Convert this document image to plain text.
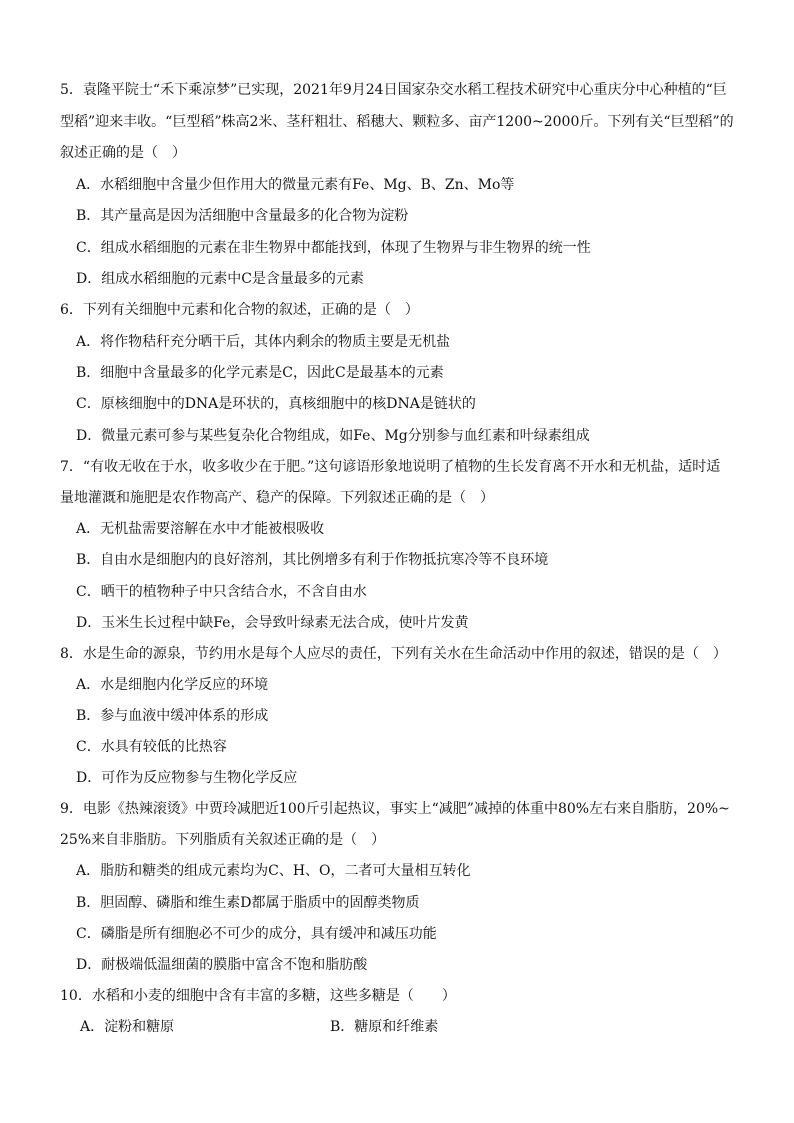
5．袁隆平院士“禾下乘凉梦”已实现，2021年9月24日国家杂交水稻工程技术研究中心重庆分中心种植的“巨
型稻”迎来丰收。“巨型稻”株高2米、茎秆粗壮、稻穗大、颗粒多、亩产1200~2000斤。下列有关“巨型稻”的
叙述正确的是（　）
A．水稻细胞中含量少但作用大的微量元素有Fe、Mg、B、Zn、Mo等
B．其产量高是因为活细胞中含量最多的化合物为淀粉
C．组成水稻细胞的元素在非生物界中都能找到，体现了生物界与非生物界的统一性
D．组成水稻细胞的元素中C是含量最多的元素
6．下列有关细胞中元素和化合物的叙述，正确的是（　）
A．将作物秸秆充分晒干后，其体内剩余的物质主要是无机盐
B．细胞中含量最多的化学元素是C，因此C是最基本的元素
C．原核细胞中的DNA是环状的，真核细胞中的核DNA是链状的
D．微量元素可参与某些复杂化合物组成，如Fe、Mg分别参与血红素和叶绿素组成
7．“有收无收在于水，收多收少在于肥。”这句谚语形象地说明了植物的生长发育离不开水和无机盐，适时适
量地灌溉和施肥是农作物高产、稳产的保障。下列叙述正确的是（　）
A．无机盐需要溶解在水中才能被根吸收
B．自由水是细胞内的良好溶剂，其比例增多有利于作物抵抗寒冷等不良环境
C．晒干的植物种子中只含结合水，不含自由水
D．玉米生长过程中缺Fe，会导致叶绿素无法合成，使叶片发黄
8．水是生命的源泉，节约用水是每个人应尽的责任，下列有关水在生命活动中作用的叙述，错误的是（　）
A．水是细胞内化学反应的环境
B．参与血液中缓冲体系的形成
C．水具有较低的比热容
D．可作为反应物参与生物化学反应
9．电影《热辣滚烫》中贾玲减肥近100斤引起热议，事实上“减肥”减掉的体重中80%左右来自脂肪，20%~
25%来自非脂肪。下列脂质有关叙述正确的是（　）
A．脂肪和糖类的组成元素均为C、H、O，二者可大量相互转化
B．胆固醇、磷脂和维生素D都属于脂质中的固醇类物质
C．磷脂是所有细胞必不可少的成分，具有缓冲和减压功能
D．耐极端低温细菌的膜脂中富含不饱和脂肪酸
10．水稻和小麦的细胞中含有丰富的多糖，这些多糖是（　　）
A．淀粉和糖原	B．糖原和纤维素
